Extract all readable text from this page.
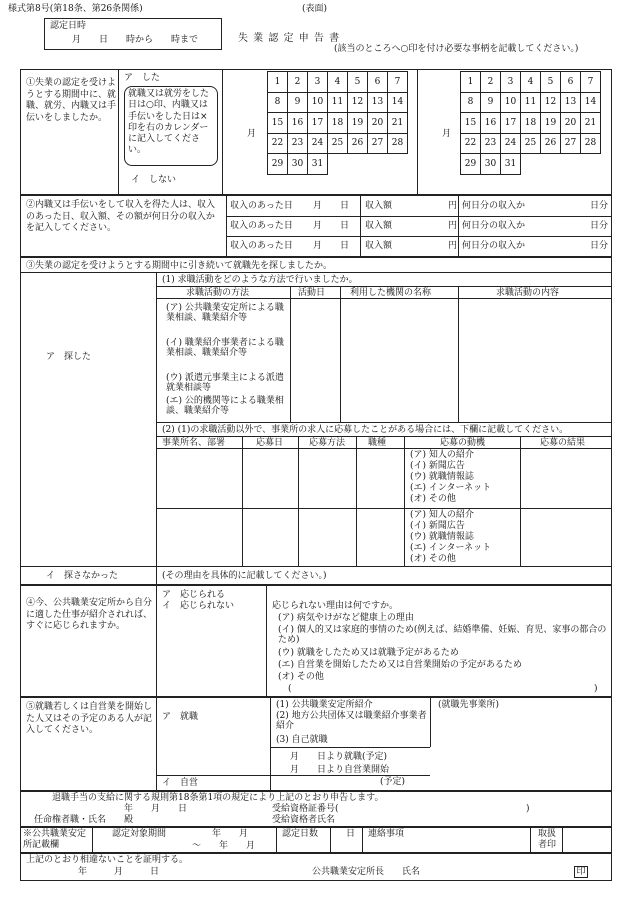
様式第8号(第18条、第26条関係)	(表面)
認定日時
月　　日　　時から　　時まで	失 業 認 定 申 告 書
(該当のところへ○印を付け必要な事柄を記載してください。)
①失業の認定を受けようとする期間中に、就職、就労、内職又は手伝いをしましたか。
ア　した
就職又は就労をした日は○印、内職又は手伝いをした日は×印を右のカレンダーに記入してください。
イ　しない
月	月
1	2	3	4	5	6	7
8	9	10	11	12	13	14
15	16	17	18	19	20	21
22	23	24	25	26	27	28
29	30	31				
1	2	3	4	5	6	7
8	9	10	11	12	13	14
15	16	17	18	19	20	21
22	23	24	25	26	27	28
29	30	31				
②内職又は手伝いをして収入を得た人は、収入のあった日、収入額、その額が何日分の収入かを記入してください。
収入のあった日 月　　日 収入額	円 何日分の収入か	日分
収入のあった日 月　　日 収入額	円 何日分の収入か	日分
収入のあった日 月　　日 収入額	円 何日分の収入か	日分
③失業の認定を受けようとする期間中に引き続いて就職先を探しましたか。
ア　探した
イ　探さなかった	(その理由を具体的に記載してください。)
(1) 求職活動をどのような方法で行いましたか。
求職活動の方法	活動日	利用した機関の名称	求職活動の内容
(ア) 公共職業安定所による職業相談、職業紹介等
(イ) 職業紹介事業者による職業相談、職業紹介等
(ウ) 派遣元事業主による派遣就業相談等
(エ) 公的機関等による職業相談、職業紹介等
(2) (1)の求職活動以外で、事業所の求人に応募したことがある場合には、下欄に記載してください。
事業所名、部署	応募日	応募方法	職種	応募の動機	応募の結果
(ア) 知人の紹介
(イ) 新聞広告
(ウ) 就職情報誌
(エ) インターネット
(オ) その他
(ア) 知人の紹介
(イ) 新聞広告
(ウ) 就職情報誌
(エ) インターネット
(オ) その他
④今、公共職業安定所から自分に適した仕事が紹介されれば、すぐに応じられますか。
ア　応じられる
イ　応じられない	応じられない理由は何ですか。
(ア) 病気やけがなど健康上の理由
(イ) 個人的又は家庭的事情のため(例えば、結婚準備、妊娠、育児、家事の都合のため)
(ウ) 就職をしたため又は就職予定があるため
(エ) 自営業を開始したため又は自営業開始の予定があるため
(オ) その他
(	)
⑤就職若しくは自営業を開始した人又はその予定のある人が記入してください。
ア　就職
イ　自営
(1) 公共職業安定所紹介
(2) 地方公共団体又は職業紹介事業者紹介
(3) 自己就職
(就職先事業所)
月　　日より就職(予定)
月　　日より自営業開始
(予定)
退職手当の支給に関する規則第18条第1項の規定により上記のとおり申告します。
年　　月　　日
任命権者職・氏名　　殿
受給資格証番号(	)
受給資格者氏名
※公共職業安定所記載欄
認定対象期間	年　　月
～　　年　　月
認定日数	日 連絡事項	取扱者印
上記のとおり相違ないことを証明する。
年　　　月　　　日	公共職業安定所長　　氏名	印
